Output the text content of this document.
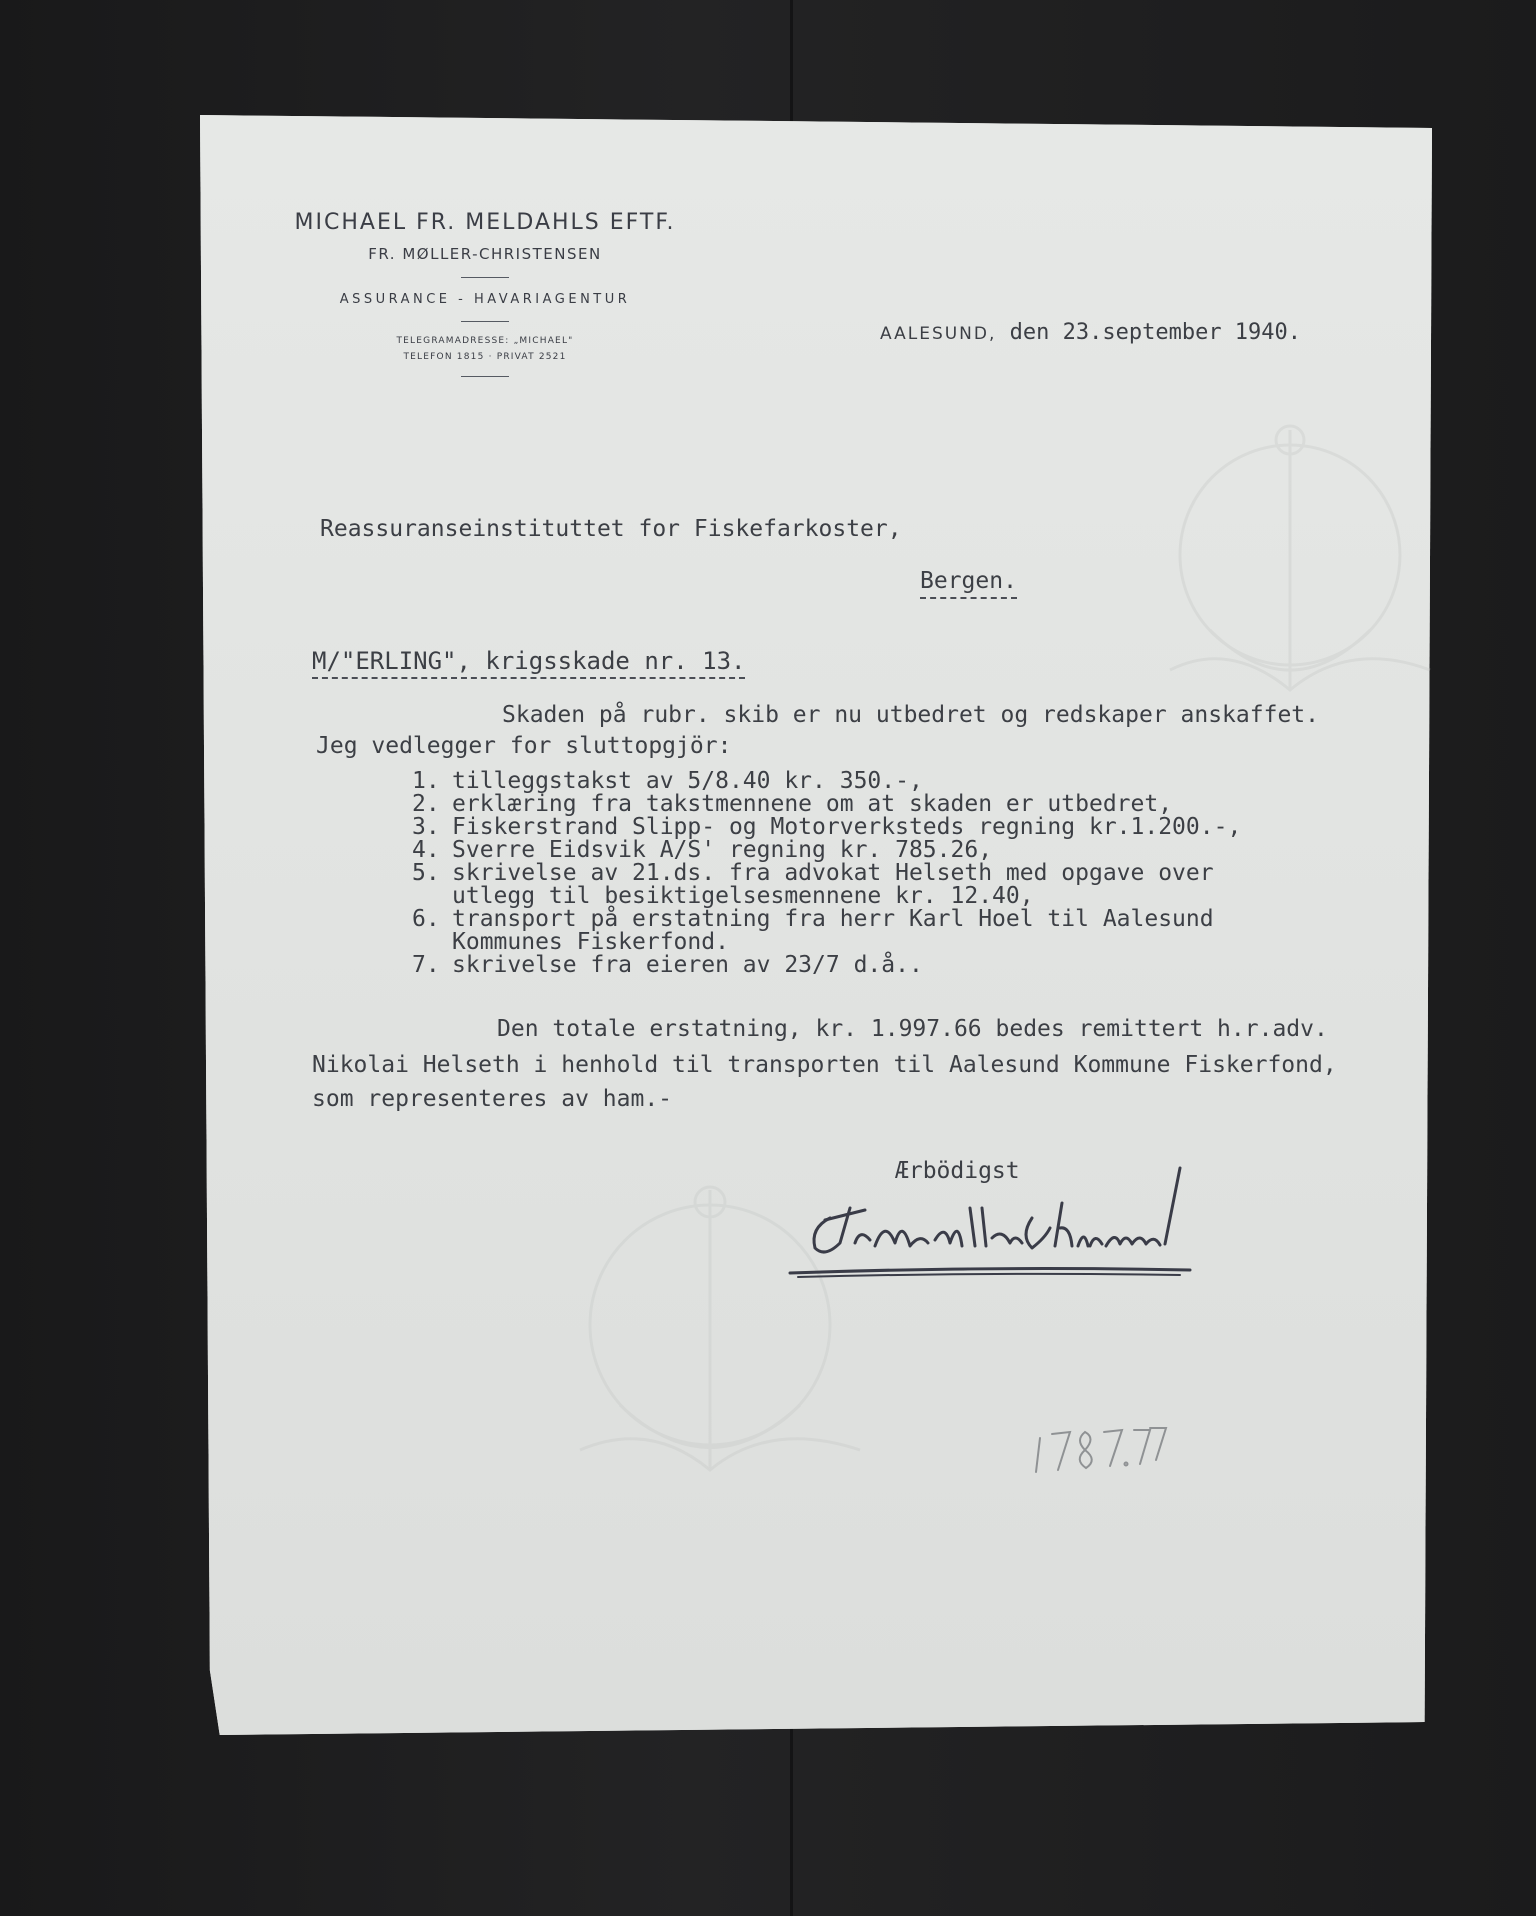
MICHAEL FR. MELDAHLS EFTF.

FR. MØLLER-CHRISTENSEN

ASSURANCE - HAVARIAGENTUR

TELEGRAMADRESSE: „MICHAEL"

TELEFON 1815 · PRIVAT 2521

AALESUND, den 23.september 1940.
Reassuranseinstituttet for Fiskefarkoster,
Bergen.
M/"ERLING", krigsskade nr. 13.
Skaden på rubr. skib er nu utbedret og redskaper anskaffet.
Jeg vedlegger for sluttopgjör:
1. tilleggstakst av 5/8.40 kr. 350.-,
2. erklæring fra takstmennene om at skaden er utbedret,
3. Fiskerstrand Slipp- og Motorverksteds regning kr.1.200.-,
4. Sverre Eidsvik A/S' regning kr. 785.26,
5. skrivelse av 21.ds. fra advokat Helseth med opgave over
utlegg til besiktigelsesmennene kr. 12.40,
6. transport på erstatning fra herr Karl Hoel til Aalesund
Kommunes Fiskerfond.
7. skrivelse fra eieren av 23/7 d.å..
Den totale erstatning, kr. 1.997.66 bedes remittert h.r.adv.
Nikolai Helseth i henhold til transporten til Aalesund Kommune Fiskerfond,
som representeres av ham.-
Ærbödigst
